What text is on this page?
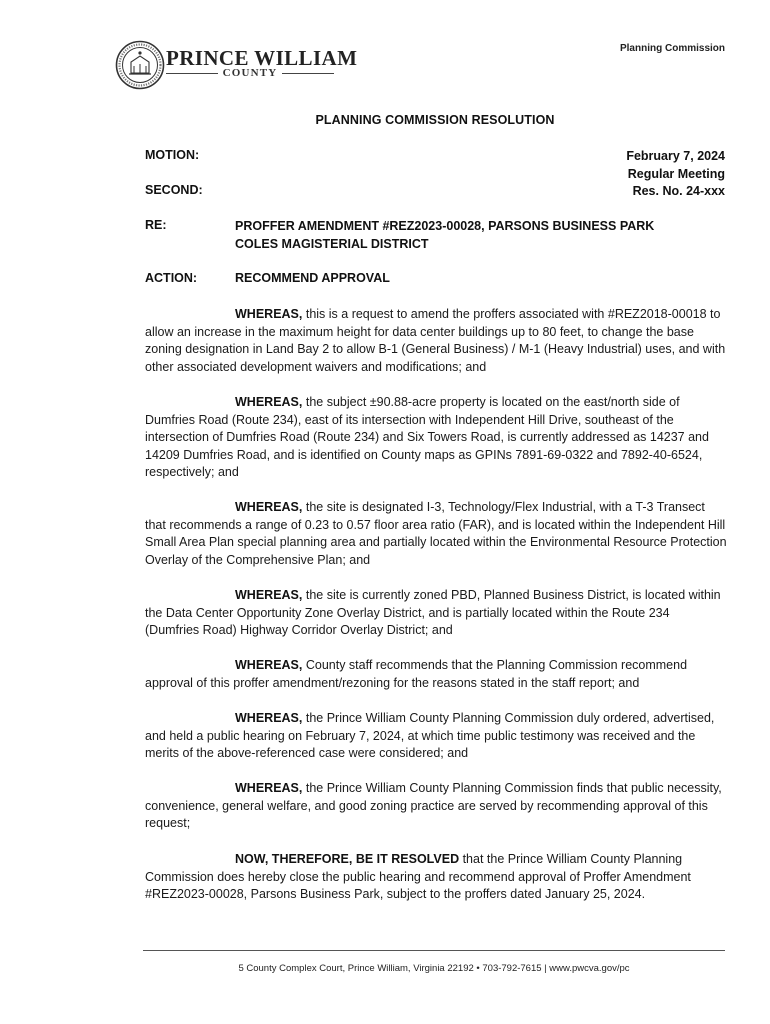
PRINCE WILLIAM
COUNTY
Planning Commission
PLANNING COMMISSION RESOLUTION
MOTION:
SECOND:
February 7, 2024
Regular Meeting
Res. No. 24-xxx
RE:	PROFFER AMENDMENT #REZ2023-00028, PARSONS BUSINESS PARK
COLES MAGISTERIAL DISTRICT
ACTION:	RECOMMEND APPROVAL
WHEREAS, this is a request to amend the proffers associated with #REZ2018-00018 to allow an increase in the maximum height for data center buildings up to 80 feet, to change the base zoning designation in Land Bay 2 to allow B-1 (General Business) / M-1 (Heavy Industrial) uses, and with other associated development waivers and modifications; and
WHEREAS, the subject ±90.88-acre property is located on the east/north side of Dumfries Road (Route 234), east of its intersection with Independent Hill Drive, southeast of the intersection of Dumfries Road (Route 234) and Six Towers Road, is currently addressed as 14237 and 14209 Dumfries Road, and is identified on County maps as GPINs 7891-69-0322 and 7892-40-6524, respectively; and
WHEREAS, the site is designated I-3, Technology/Flex Industrial, with a T-3 Transect that recommends a range of 0.23 to 0.57 floor area ratio (FAR), and is located within the Independent Hill Small Area Plan special planning area and partially located within the Environmental Resource Protection Overlay of the Comprehensive Plan; and
WHEREAS, the site is currently zoned PBD, Planned Business District, is located within the Data Center Opportunity Zone Overlay District, and is partially located within the Route 234 (Dumfries Road) Highway Corridor Overlay District; and
WHEREAS, County staff recommends that the Planning Commission recommend approval of this proffer amendment/rezoning for the reasons stated in the staff report; and
WHEREAS, the Prince William County Planning Commission duly ordered, advertised, and held a public hearing on February 7, 2024, at which time public testimony was received and the merits of the above-referenced case were considered; and
WHEREAS, the Prince William County Planning Commission finds that public necessity, convenience, general welfare, and good zoning practice are served by recommending approval of this request;
NOW, THEREFORE, BE IT RESOLVED that the Prince William County Planning Commission does hereby close the public hearing and recommend approval of Proffer Amendment #REZ2023-00028, Parsons Business Park, subject to the proffers dated January 25, 2024.
5 County Complex Court, Prince William, Virginia 22192 • 703-792-7615 | www.pwcva.gov/pc
